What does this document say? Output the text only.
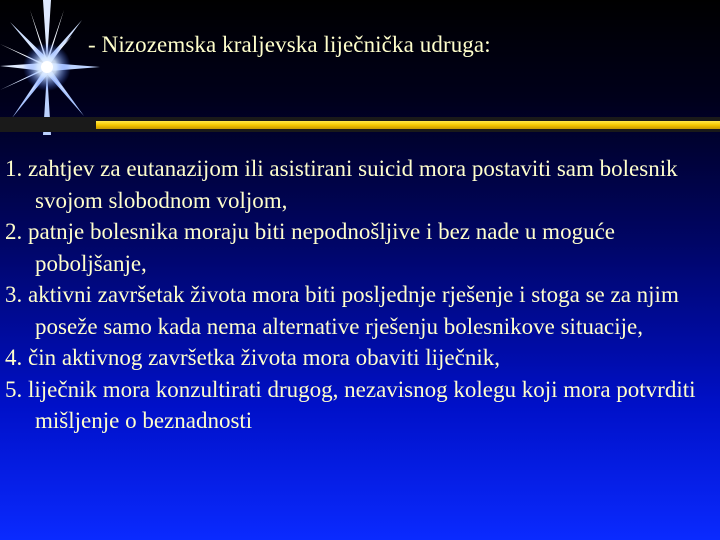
- Nizozemska kraljevska liječnička udruga:
1. zahtjev za eutanazijom ili asistirani suicid mora postaviti sam bolesnik svojom slobodnom voljom,
2. patnje bolesnika moraju biti nepodnošljive i bez nade u moguće poboljšanje,
3. aktivni završetak života mora biti posljednje rješenje i stoga se za njim poseže samo kada nema alternative rješenju bolesnikove situacije,
4. čin aktivnog završetka života mora obaviti liječnik,
5. liječnik mora konzultirati drugog, nezavisnog kolegu koji mora potvrditi mišljenje o beznadnosti
